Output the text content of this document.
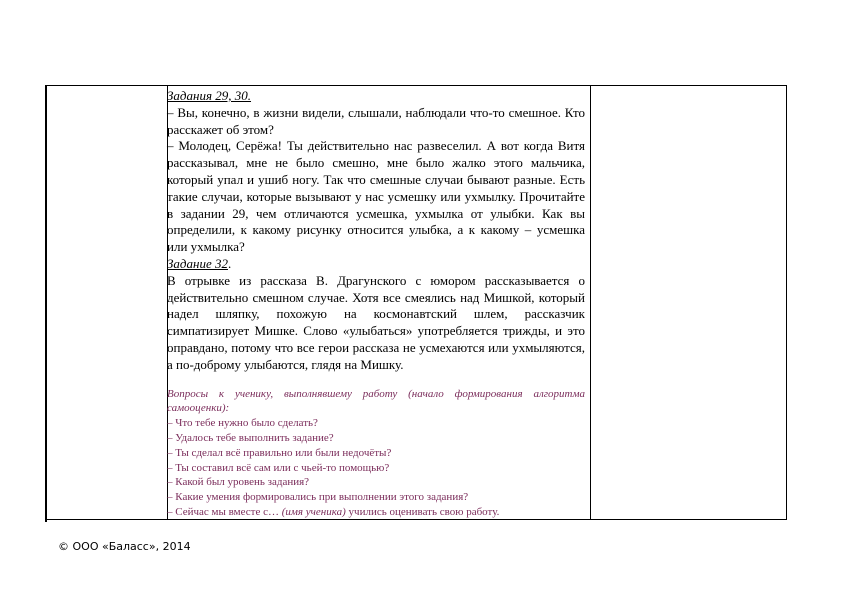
Задания 29, 30.

– Вы, конечно, в жизни видели, слышали, наблюдали что-то смешное. Кто расскажет об этом?

– Молодец, Серёжа! Ты действительно нас развеселил. А вот когда Витя рассказывал, мне не было смешно, мне было жалко этого мальчика, который упал и ушиб ногу. Так что смешные случаи бывают разные. Есть такие случаи, которые вызывают у нас усмешку или ухмылку. Прочитайте в задании 29, чем отличаются усмешка, ухмылка от улыбки. Как вы определили, к какому рисунку относится улыбка, а к какому – усмешка или ухмылка?

Задание 32.

В отрывке из рассказа В. Драгунского с юмором рассказывается о действительно смешном случае. Хотя все смеялись над Мишкой, который надел шляпку, похожую на космонавтский шлем, рассказчик симпатизирует Мишке. Слово «улыбаться» употребляется трижды, и это оправдано, потому что все герои рассказа не усмехаются или ухмыляются, а по-доброму улыбаются, глядя на Мишку.

Вопросы к ученику, выполнявшему работу (начало формирования алгоритма самооценки):

– Что тебе нужно было сделать?

– Удалось тебе выполнить задание?

– Ты сделал всё правильно или были недочёты?

– Ты составил всё сам или с чьей-то помощью?

– Какой был уровень задания?

– Какие умения формировались при выполнении этого задания?

– Сейчас мы вместе с… (имя ученика) учились оценивать свою работу.

© ООО «Баласс», 2014
